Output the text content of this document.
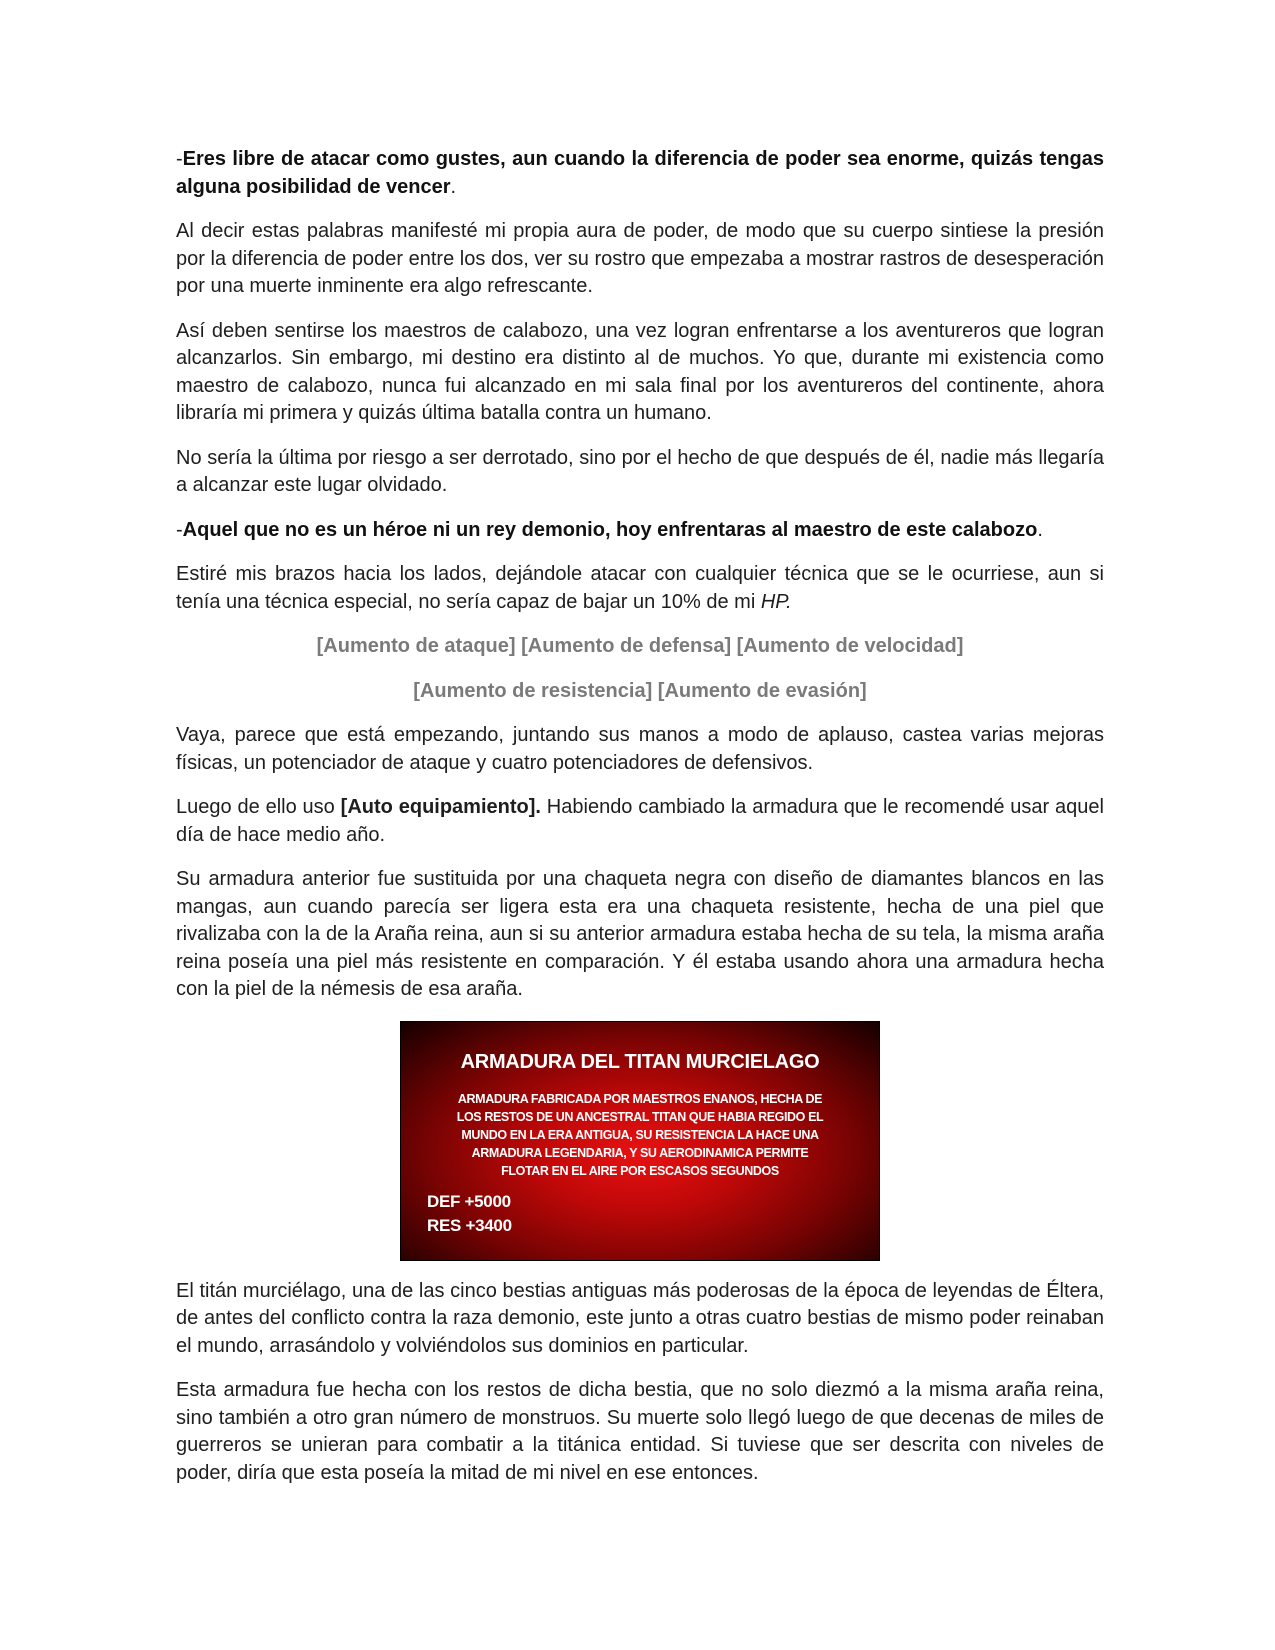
-Eres libre de atacar como gustes, aun cuando la diferencia de poder sea enorme, quizás tengas alguna posibilidad de vencer.

Al decir estas palabras manifesté mi propia aura de poder, de modo que su cuerpo sintiese la presión por la diferencia de poder entre los dos, ver su rostro que empezaba a mostrar rastros de desesperación por una muerte inminente era algo refrescante.

Así deben sentirse los maestros de calabozo, una vez logran enfrentarse a los aventureros que logran alcanzarlos. Sin embargo, mi destino era distinto al de muchos. Yo que, durante mi existencia como maestro de calabozo, nunca fui alcanzado en mi sala final por los aventureros del continente, ahora libraría mi primera y quizás última batalla contra un humano.

No sería la última por riesgo a ser derrotado, sino por el hecho de que después de él, nadie más llegaría a alcanzar este lugar olvidado.

-Aquel que no es un héroe ni un rey demonio, hoy enfrentaras al maestro de este calabozo.

Estiré mis brazos hacia los lados, dejándole atacar con cualquier técnica que se le ocurriese, aun si tenía una técnica especial, no sería capaz de bajar un 10% de mi HP.

[Aumento de ataque] [Aumento de defensa] [Aumento de velocidad]

[Aumento de resistencia] [Aumento de evasión]

Vaya, parece que está empezando, juntando sus manos a modo de aplauso, castea varias mejoras físicas, un potenciador de ataque y cuatro potenciadores de defensivos.

Luego de ello uso [Auto equipamiento]. Habiendo cambiado la armadura que le recomendé usar aquel día de hace medio año.

Su armadura anterior fue sustituida por una chaqueta negra con diseño de diamantes blancos en las mangas, aun cuando parecía ser ligera esta era una chaqueta resistente, hecha de una piel que rivalizaba con la de la Araña reina, aun si su anterior armadura estaba hecha de su tela, la misma araña reina poseía una piel más resistente en comparación. Y él estaba usando ahora una armadura hecha con la piel de la némesis de esa araña.

ARMADURA DEL TITAN MURCIELAGO
ARMADURA FABRICADA POR MAESTROS ENANOS, HECHA DE
LOS RESTOS DE UN ANCESTRAL TITAN QUE HABIA REGIDO EL
MUNDO EN LA ERA ANTIGUA, SU RESISTENCIA LA HACE UNA
ARMADURA LEGENDARIA, Y SU AERODINAMICA PERMITE
FLOTAR EN EL AIRE POR ESCASOS SEGUNDOS
DEF +5000
RES +3400

El titán murciélago, una de las cinco bestias antiguas más poderosas de la época de leyendas de Éltera, de antes del conflicto contra la raza demonio, este junto a otras cuatro bestias de mismo poder reinaban el mundo, arrasándolo y volviéndolos sus dominios en particular.

Esta armadura fue hecha con los restos de dicha bestia, que no solo diezmó a la misma araña reina, sino también a otro gran número de monstruos. Su muerte solo llegó luego de que decenas de miles de guerreros se unieran para combatir a la titánica entidad. Si tuviese que ser descrita con niveles de poder, diría que esta poseía la mitad de mi nivel en ese entonces.
